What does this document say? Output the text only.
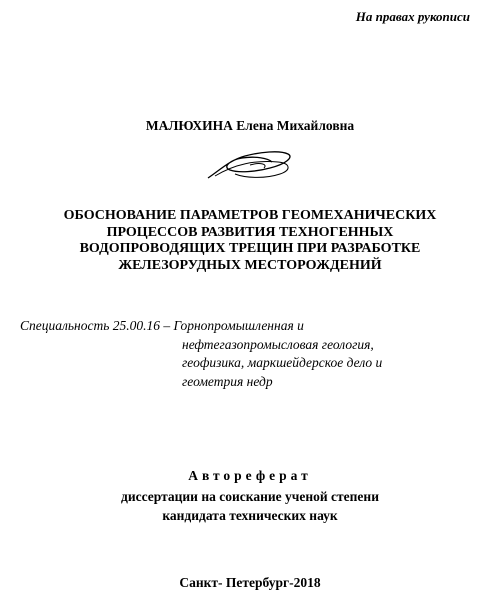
На правах рукописи
МАЛЮХИНА Елена Михайловна
ОБОСНОВАНИЕ ПАРАМЕТРОВ ГЕОМЕХАНИЧЕСКИХ
ПРОЦЕССОВ РАЗВИТИЯ ТЕХНОГЕННЫХ
ВОДОПРОВОДЯЩИХ ТРЕЩИН ПРИ РАЗРАБОТКЕ
ЖЕЛЕЗОРУДНЫХ МЕСТОРОЖДЕНИЙ
Специальность 25.00.16 – Горнопромышленная и
нефтегазопромысловая геология,
геофизика, маркшейдерское дело и
геометрия недр
Автореферат
диссертации на соискание ученой степени
кандидата технических наук
Санкт- Петербург-2018
